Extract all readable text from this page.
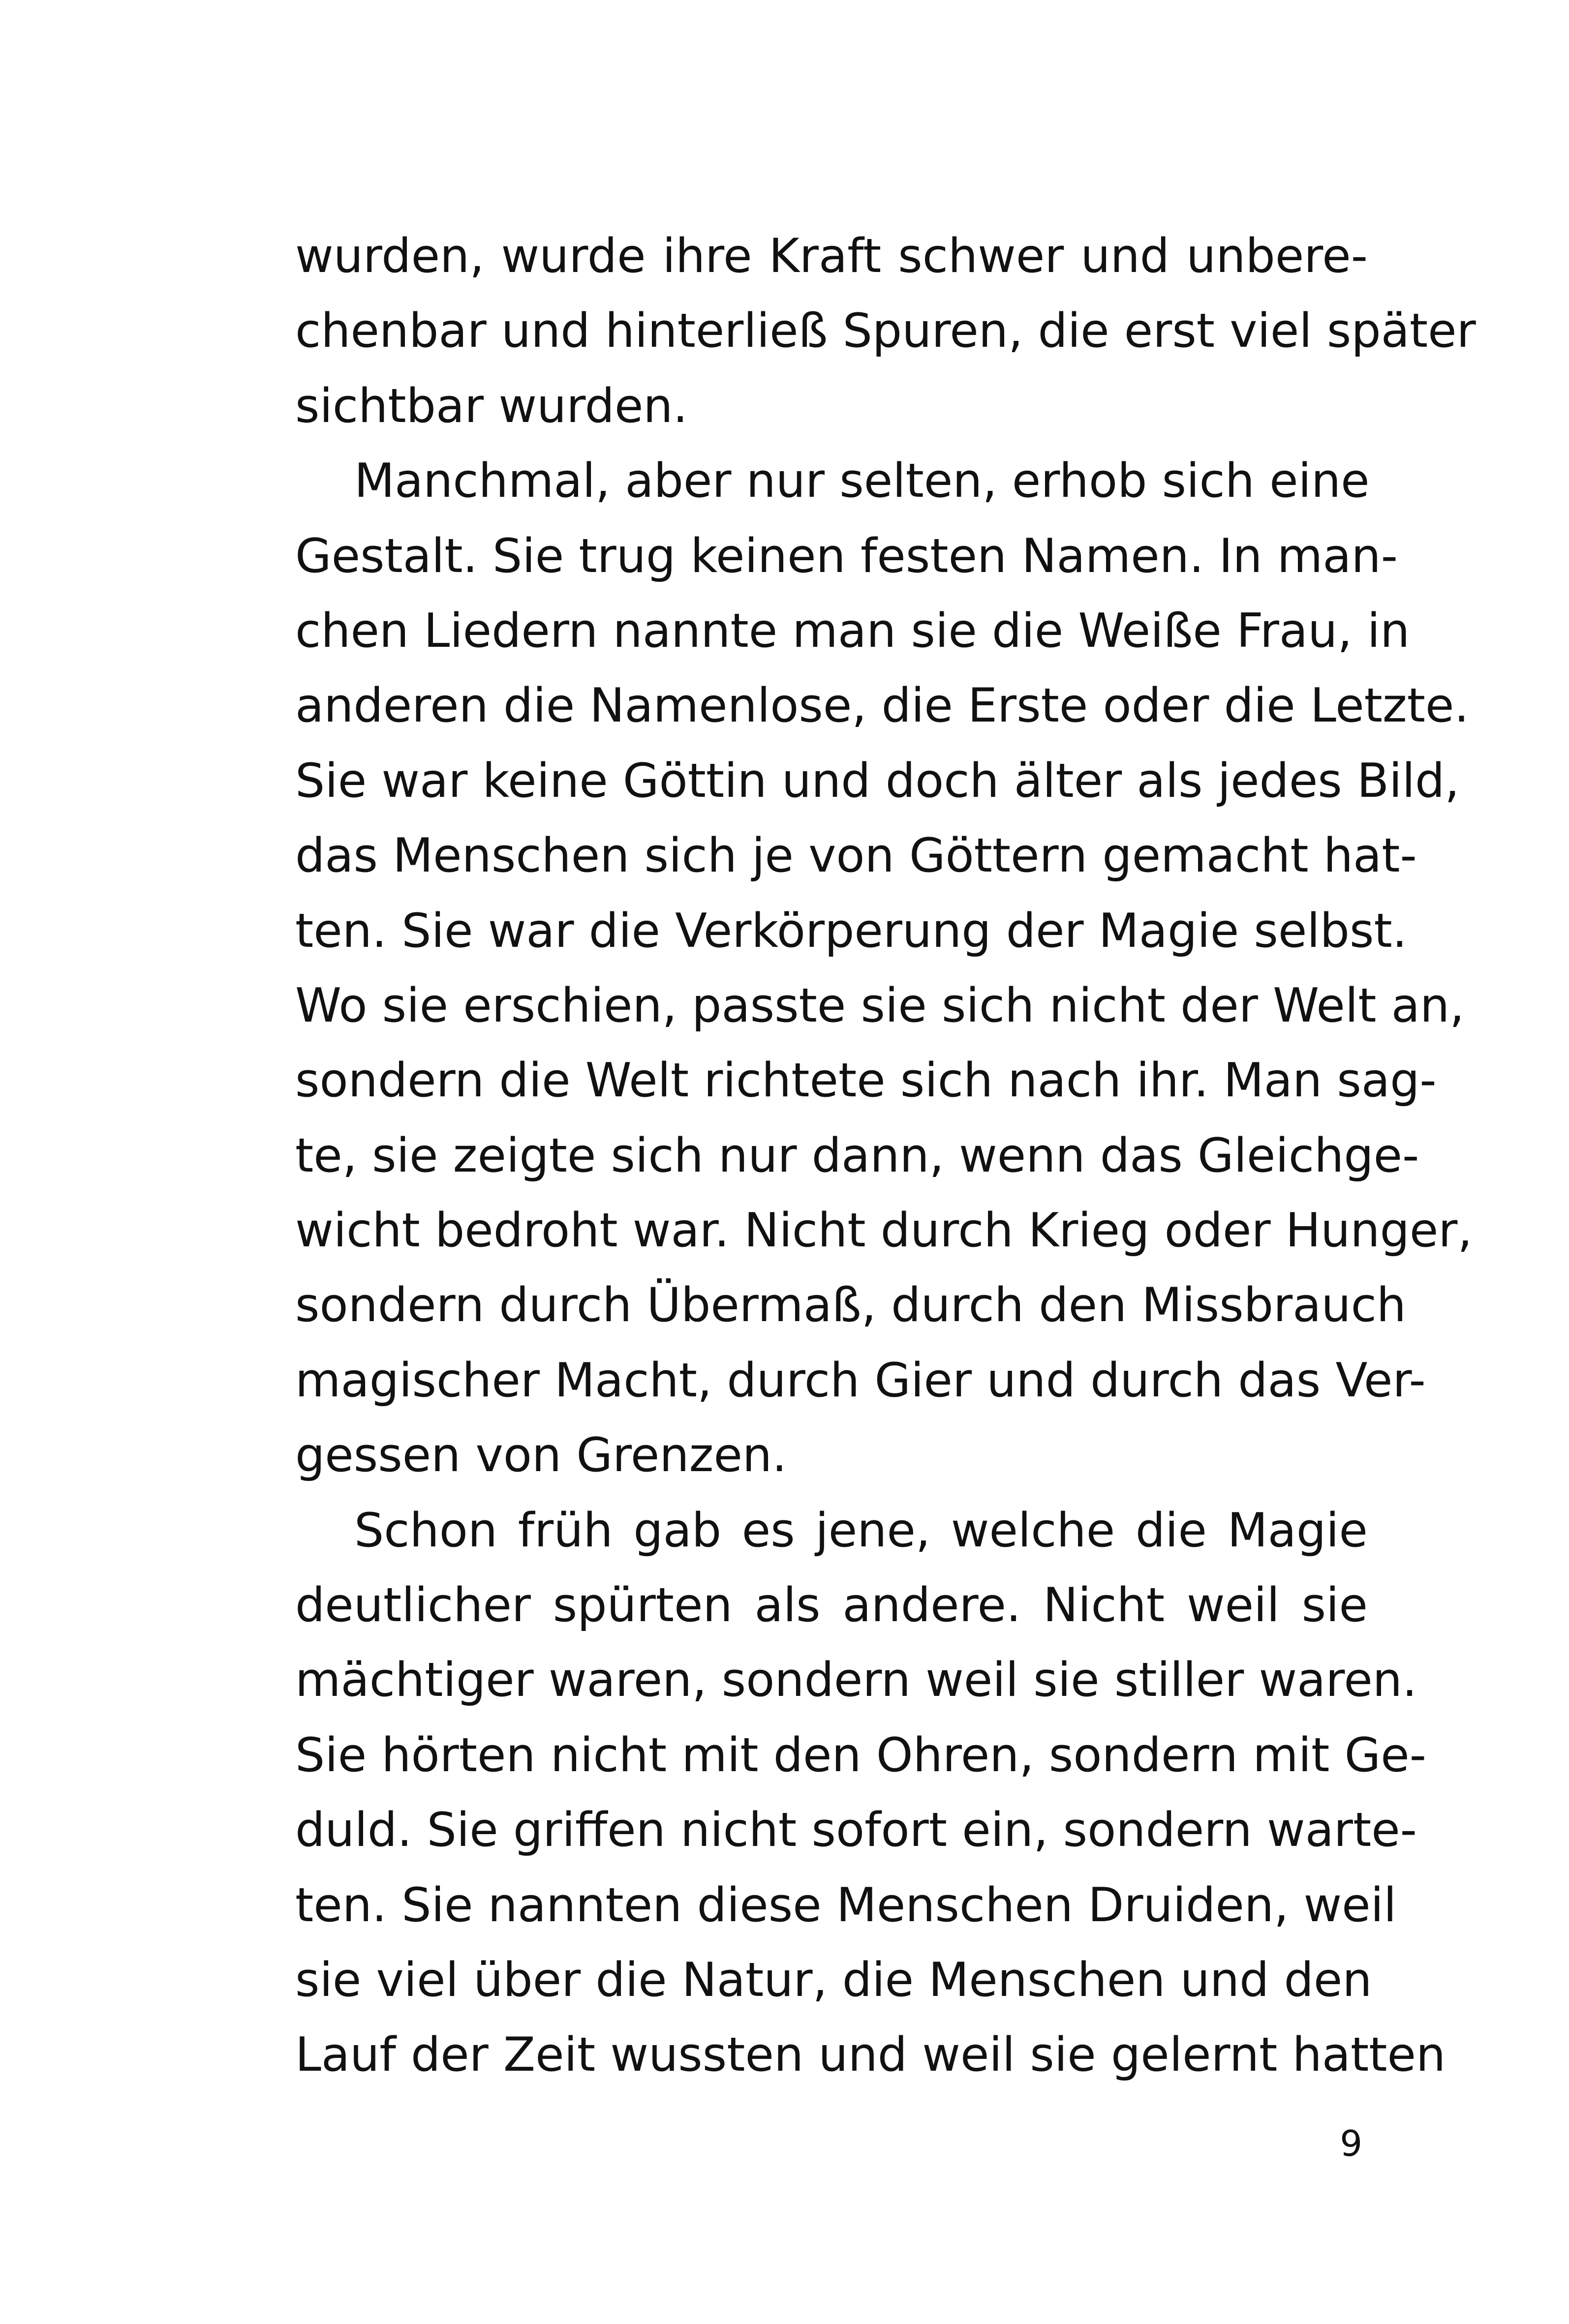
wurden, wurde ihre Kraft schwer und unbere-
chenbar und hinterließ Spuren, die erst viel später
sichtbar wurden.
Manchmal, aber nur selten, erhob sich eine
Gestalt. Sie trug keinen festen Namen. In man-
chen Liedern nannte man sie die Weiße Frau, in
anderen die Namenlose, die Erste oder die Letzte.
Sie war keine Göttin und doch älter als jedes Bild,
das Menschen sich je von Göttern gemacht hat-
ten. Sie war die Verkörperung der Magie selbst.
Wo sie erschien, passte sie sich nicht der Welt an,
sondern die Welt richtete sich nach ihr. Man sag-
te, sie zeigte sich nur dann, wenn das Gleichge-
wicht bedroht war. Nicht durch Krieg oder Hunger,
sondern durch Übermaß, durch den Missbrauch
magischer Macht, durch Gier und durch das Ver-
gessen von Grenzen.
Schon früh gab es jene, welche die Magie
deutlicher spürten als andere. Nicht weil sie
mächtiger waren, sondern weil sie stiller waren.
Sie hörten nicht mit den Ohren, sondern mit Ge-
duld. Sie griffen nicht sofort ein, sondern warte-
ten. Sie nannten diese Menschen Druiden, weil
sie viel über die Natur, die Menschen und den
Lauf der Zeit wussten und weil sie gelernt hatten
9
